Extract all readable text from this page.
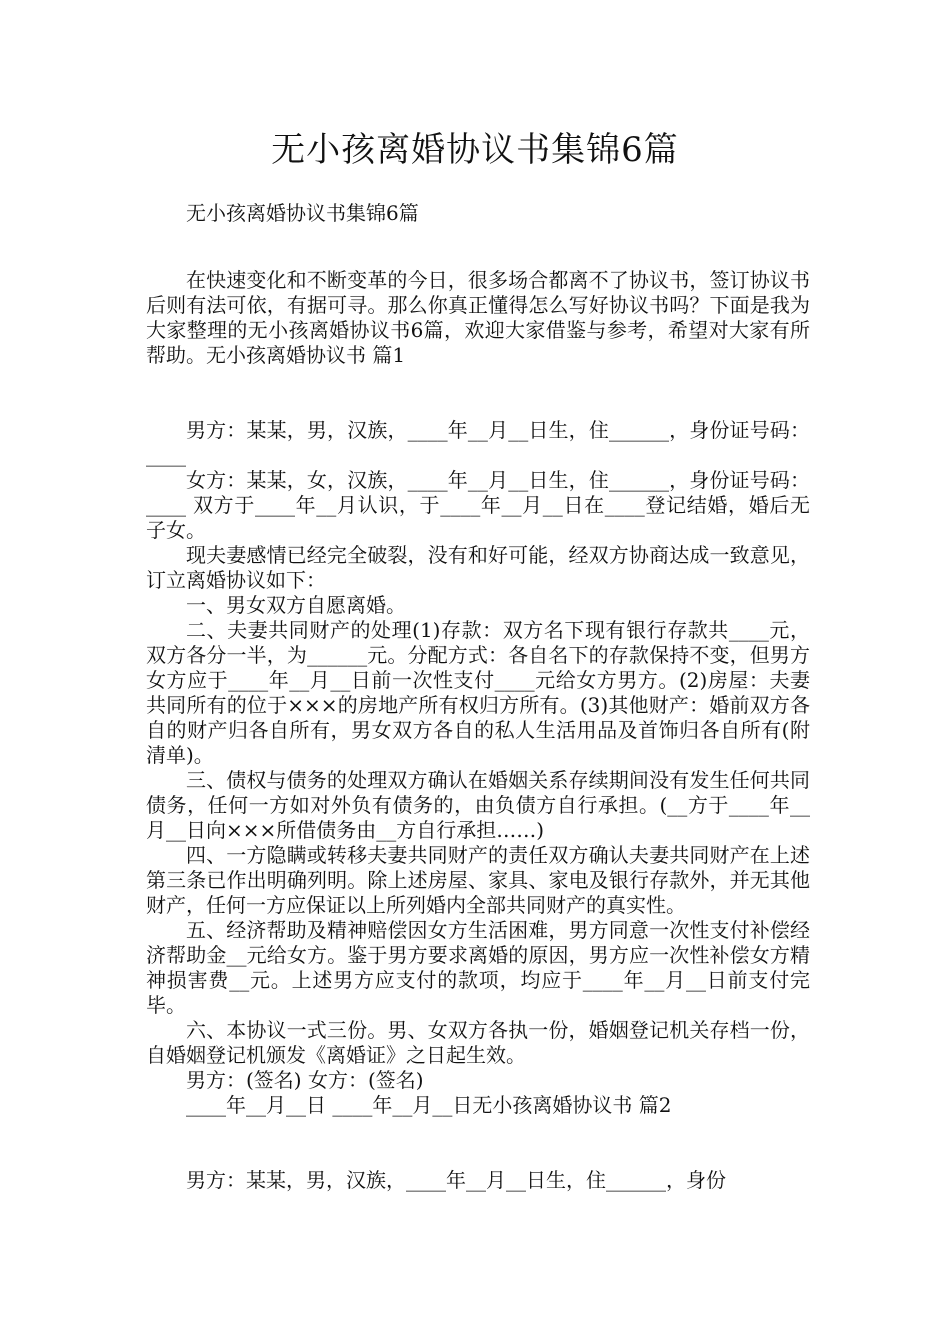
无小孩离婚协议书集锦6篇

无小孩离婚协议书集锦6篇

在快速变化和不断变革的今日，很多场合都离不了协议书，签订协议书后则有法可依，有据可寻。那么你真正懂得怎么写好协议书吗？下面是我为大家整理的无小孩离婚协议书6篇，欢迎大家借鉴与参考，希望对大家有所帮助。无小孩离婚协议书 篇1

男方：某某，男，汉族，____年__月__日生，住______，身份证号码：____

女方：某某，女，汉族，____年__月__日生，住______，身份证号码：____ 双方于____年__月认识，于____年__月__日在____登记结婚，婚后无子女。

现夫妻感情已经完全破裂，没有和好可能，经双方协商达成一致意见，订立离婚协议如下：

一、男女双方自愿离婚。

二、夫妻共同财产的处理(1)存款：双方名下现有银行存款共____元，双方各分一半，为______元。分配方式：各自名下的存款保持不变，但男方女方应于____年__月__日前一次性支付____元给女方男方。(2)房屋：夫妻共同所有的位于×××的房地产所有权归方所有。(3)其他财产：婚前双方各自的财产归各自所有，男女双方各自的私人生活用品及首饰归各自所有(附清单)。

三、债权与债务的处理双方确认在婚姻关系存续期间没有发生任何共同债务，任何一方如对外负有债务的，由负债方自行承担。(__方于____年__月__日向×××所借债务由__方自行承担……)

四、一方隐瞒或转移夫妻共同财产的责任双方确认夫妻共同财产在上述第三条已作出明确列明。除上述房屋、家具、家电及银行存款外，并无其他财产，任何一方应保证以上所列婚内全部共同财产的真实性。

五、经济帮助及精神赔偿因女方生活困难，男方同意一次性支付补偿经济帮助金__元给女方。鉴于男方要求离婚的原因，男方应一次性补偿女方精神损害费__元。上述男方应支付的款项，均应于____年__月__日前支付完毕。

六、本协议一式三份。男、女双方各执一份，婚姻登记机关存档一份，自婚姻登记机颁发《离婚证》之日起生效。

男方：(签名) 女方：(签名)

____年__月__日 ____年__月__日无小孩离婚协议书 篇2

男方：某某，男，汉族，____年__月__日生，住______，身份
